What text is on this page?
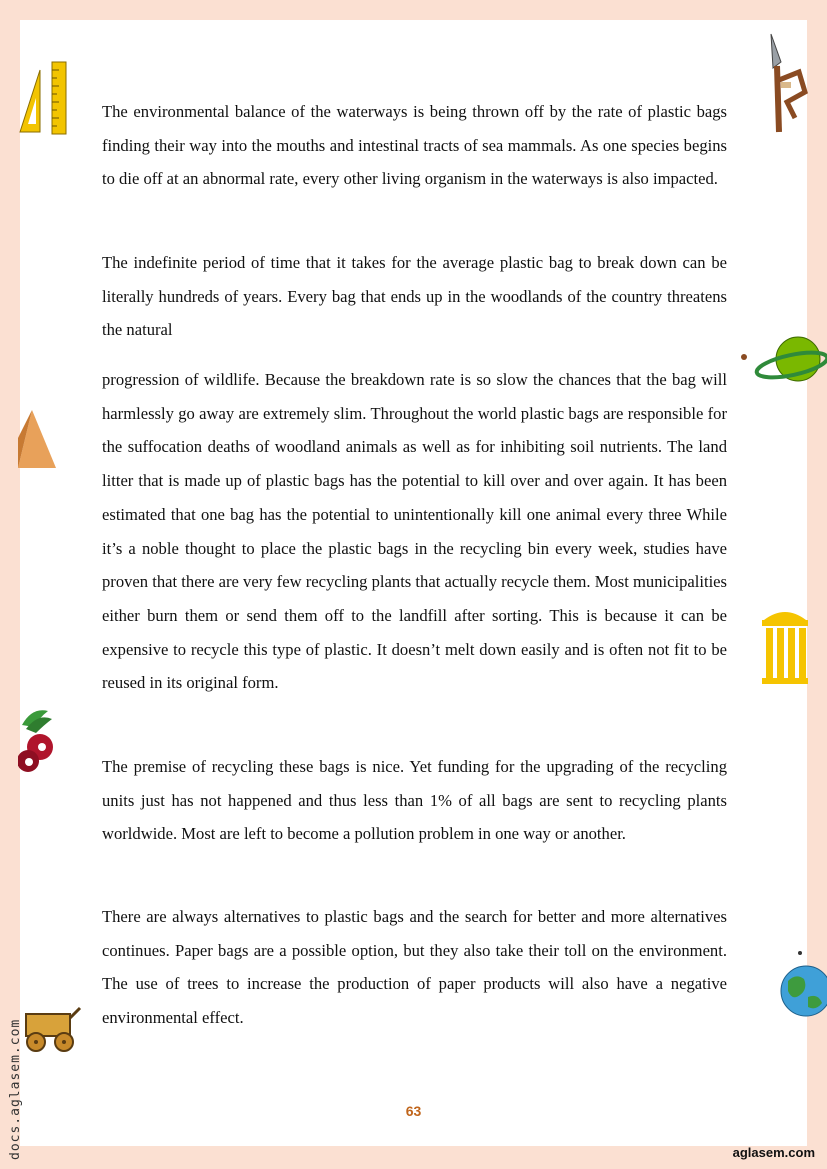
The environmental balance of the waterways is being thrown off by the rate of plastic bags finding their way into the mouths and intestinal tracts of sea mammals. As one species begins to die off at an abnormal rate, every other living organism in the waterways is also impacted.

The indefinite period of time that it takes for the average plastic bag to break down can be literally hundreds of years. Every bag that ends up in the woodlands of the country threatens the natural

progression of wildlife. Because the breakdown rate is so slow the chances that the bag will harmlessly go away are extremely slim. Throughout the world plastic bags are responsible for the suffocation deaths of woodland animals as well as for inhibiting soil nutrients. The land litter that is made up of plastic bags has the potential to kill over and over again. It has been estimated that one bag has the potential to unintentionally kill one animal every three While it’s a noble thought to place the plastic bags in the recycling bin every week, studies have proven that there are very few recycling plants that actually recycle them. Most municipalities either burn them or send them off to the landfill after sorting. This is because it can be expensive to recycle this type of plastic. It doesn’t melt down easily and is often not fit to be reused in its original form.

The premise of recycling these bags is nice. Yet funding for the upgrading of the recycling units just has not happened and thus less than 1% of all bags are sent to recycling plants worldwide. Most are left to become a pollution problem in one way or another.

There are always alternatives to plastic bags and the search for better and more alternatives continues. Paper bags are a possible option, but they also take their toll on the environment. The use of trees to increase the production of paper products will also have a negative environmental effect.

63
aglasem.com
docs.aglasem.com
